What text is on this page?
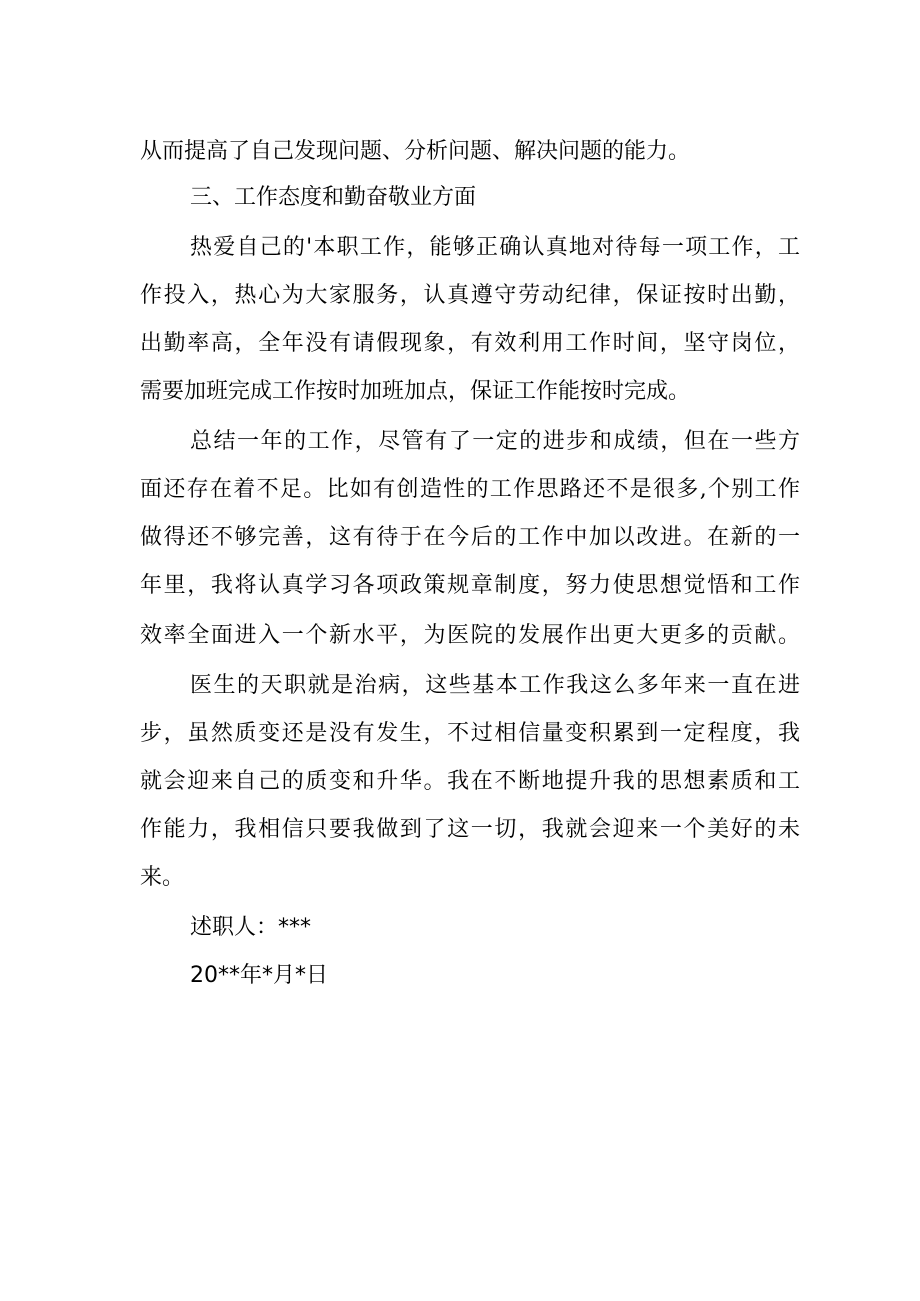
从而提高了自己发现问题、分析问题、解决问题的能力。
三、工作态度和勤奋敬业方面
热爱自己的'本职工作，能够正确认真地对待每一项工作，工
作投入，热心为大家服务，认真遵守劳动纪律，保证按时出勤，
出勤率高，全年没有请假现象，有效利用工作时间，坚守岗位，
需要加班完成工作按时加班加点，保证工作能按时完成。
总结一年的工作，尽管有了一定的进步和成绩，但在一些方
面还存在着不足。比如有创造性的工作思路还不是很多,个别工作
做得还不够完善，这有待于在今后的工作中加以改进。在新的一
年里，我将认真学习各项政策规章制度，努力使思想觉悟和工作
效率全面进入一个新水平，为医院的发展作出更大更多的贡献。
医生的天职就是治病，这些基本工作我这么多年来一直在进
步，虽然质变还是没有发生，不过相信量变积累到一定程度，我
就会迎来自己的质变和升华。我在不断地提升我的思想素质和工
作能力，我相信只要我做到了这一切，我就会迎来一个美好的未
来。
述职人：***
20**年*月*日
